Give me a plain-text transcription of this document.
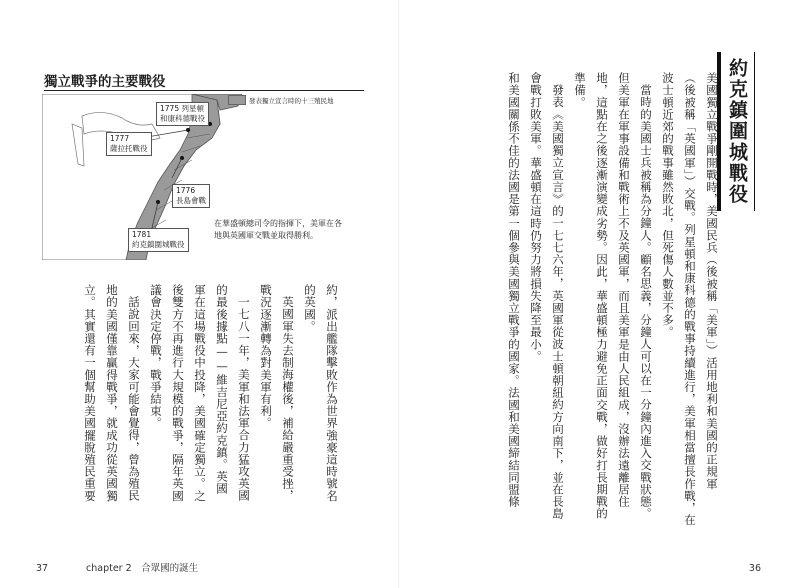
獨立戰爭的主要戰役
1775 列星頓
和康科德戰役
1777
薩拉托戰役
1776
長島會戰
1781
約克鎮圍城戰役
發表獨立宣言時的十三殖民地
在華盛頓總司令的指揮下，美軍在各地與英國軍交戰並取得勝利。
約，派出艦隊擊敗作為世界強豪這時號名
的英國。
英國軍失去制海權後，補給嚴重受挫，
戰況逐漸轉為對美軍有利。
一七八一年，美軍和法軍合力猛攻英國
的最後據點——維吉尼亞約克鎮。英國
軍在這場戰役中投降，美國確定獨立。之
後雙方不再進行大規模的戰爭，隔年英國
議會決定停戰，戰爭結束。
話說回來，大家可能會覺得，曾為殖民
地的美國僅靠贏得戰爭，就成功從英國獨
立。其實還有一個幫助美國擺脫殖民重要
37	chapter 2　合眾國的誕生
約克鎮圍城戰役
美國獨立戰爭剛開戰時，美國民兵（後被稱「美軍」）活用地利和美國的正規軍
（後被稱「英國軍」）交戰。列星頓和康科德的戰事持續進行，美軍相當擅長作戰，在
波士頓近郊的戰事雖然敗北，但死傷人數並不多。
當時的美國士兵被稱為分鐘人。顧名思義，分鐘人可以在一分鐘內進入交戰狀態。
但美軍在軍事設備和戰術上不及英國軍，而且美軍是由人民組成，沒辦法遠離居住
地，這點在之後逐漸演變成劣勢。因此，華盛頓極力避免正面交戰，做好打長期戰的
準備。
發表《美國獨立宣言》的一七七六年，英國軍從波士頓朝紐約方向南下，並在長島
會戰打敗美軍。華盛頓在這時仍努力將損失降至最小。
和美國關係不佳的法國是第一個參與美國獨立戰爭的國家。法國和美國締結同盟條
36
